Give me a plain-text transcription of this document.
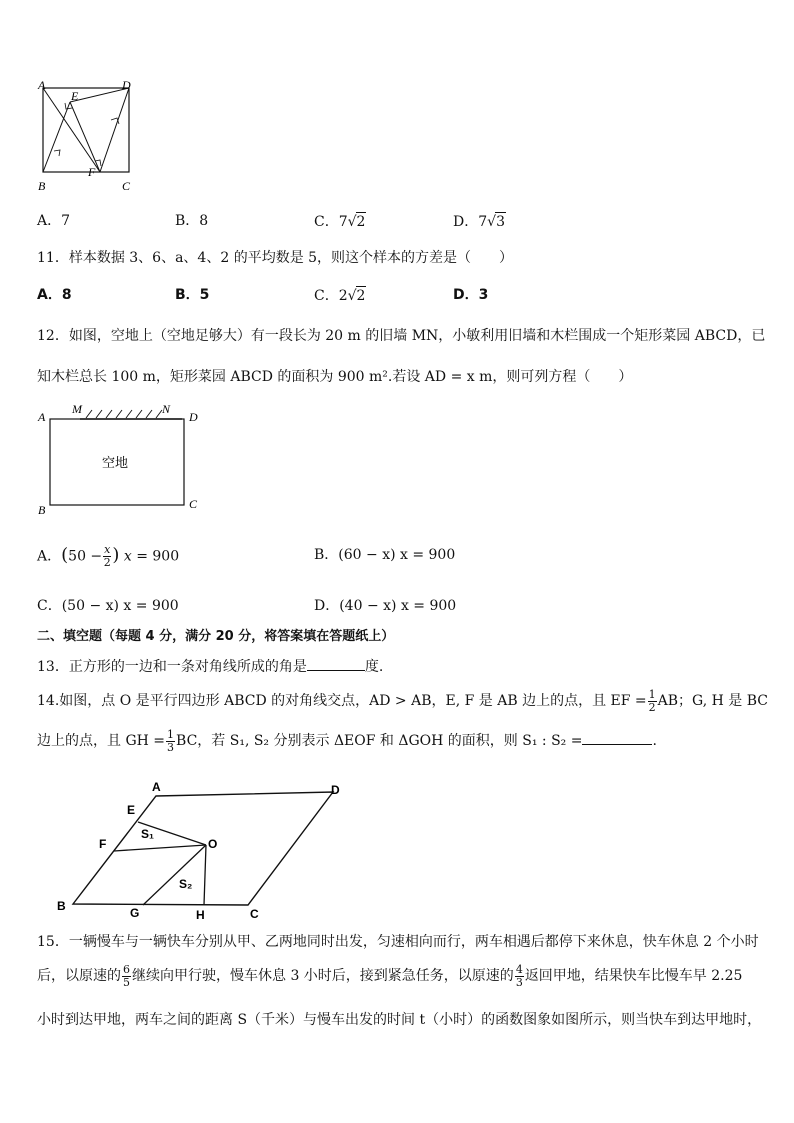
A	D
E
B
F
C
A．7	B．8	C．7√2	D．7√3
11．样本数据 3、6、a、4、2 的平均数是 5，则这个样本的方差是（　　）
A．8	B．5	C．2√2	D．3
12．如图，空地上（空地足够大）有一段长为 20 m 的旧墙 MN，小敏利用旧墙和木栏围成一个矩形菜园 ABCD，已
知木栏总长 100 m，矩形菜园 ABCD 的面积为 900 m².若设 AD = x m，则可列方程（　　）
A
M	N
D
B	C
空地
A．($50 - \frac{x}{2}$ ) x = 900	B．(60 − x) x = 900
C．(50 − x) x = 900	D．(40 − x) x = 900
二、填空题（每题 4 分，满分 20 分，将答案填在答题纸上）
13．正方形的一边和一条对角线所成的角是	度.
14.如图，点 O 是平行四边形 ABCD 的对角线交点，AD > AB，E, F 是 AB 边上的点，且 EF = $\frac{1}{2}$ AB；G, H 是 BC
边上的点，且 GH = $\frac{1}{3}$ BC，若 S₁, S₂ 分别表示 ΔEOF 和 ΔGOH 的面积，则 S₁ : S₂ =	.
A	D
E
S₁
O
F
S₂
B	G	H	C
15．一辆慢车与一辆快车分别从甲、乙两地同时出发，匀速相向而行，两车相遇后都停下来休息，快车休息 2 个小时
后，以原速的 $\frac{6}{5}$ 继续向甲行驶，慢车休息 3 小时后，接到紧急任务，以原速的 $\frac{4}{3}$ 返回甲地，结果快车比慢车早 2.25
小时到达甲地，两车之间的距离 S（千米）与慢车出发的时间 t（小时）的函数图象如图所示，则当快车到达甲地时，
